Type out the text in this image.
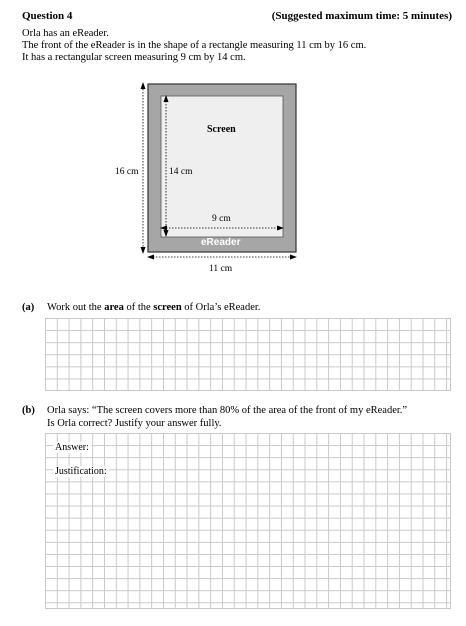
Question 4	(Suggested maximum time: 5 minutes)
Orla has an eReader.
The front of the eReader is in the shape of a rectangle measuring 11 cm by 16 cm.
It has a rectangular screen measuring 9 cm by 14 cm.
Screen
16 cm	14 cm
9 cm
eReader
11 cm
(a) Work out the area of the screen of Orla’s eReader.
(b) Orla says: “The screen covers more than 80% of the area of the front of my eReader.”
Is Orla correct? Justify your answer fully.
Answer:
Justification:
